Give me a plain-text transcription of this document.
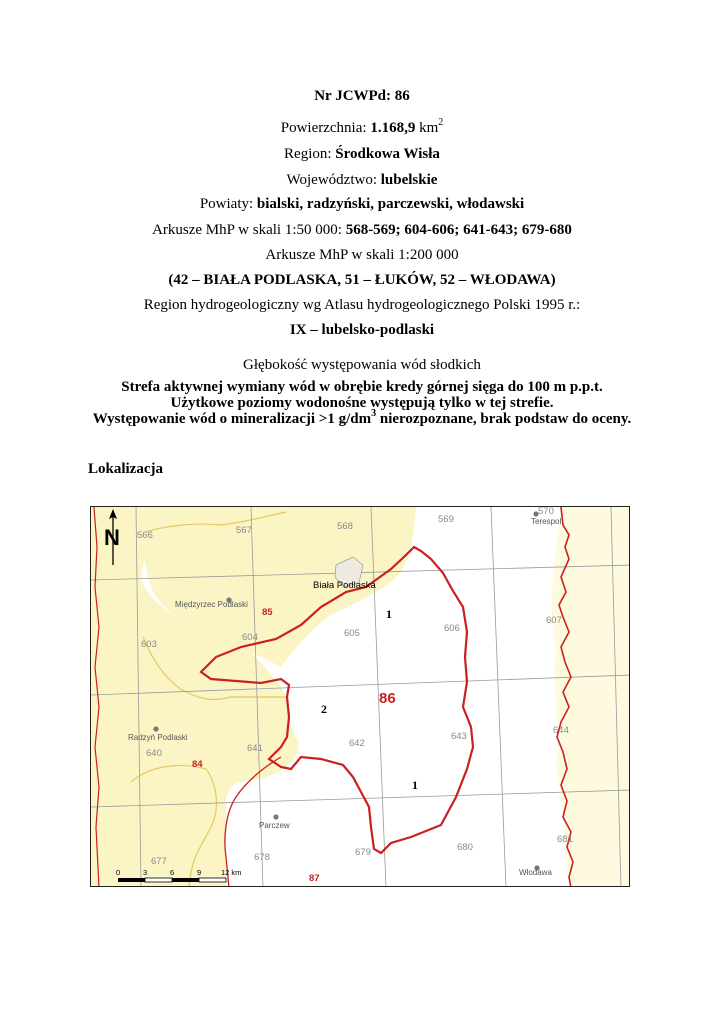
Nr JCWPd: 86
Powierzchnia: 1.168,9 $km^2$
Region: Środkowa Wisła
Województwo: lubelskie
Powiaty: bialski, radzyński, parczewski, włodawski
Arkusze MhP w skali 1:50 000: 568-569; 604-606; 641-643; 679-680
Arkusze MhP w skali 1:200 000
(42 – BIAŁA PODLASKA, 51 – ŁUKÓW, 52 – WŁODAWA)
Region hydrogeologiczny wg Atlasu hydrogeologicznego Polski 1995 r.:
IX – lubelsko-podlaski
Głębokość występowania wód słodkich
Strefa aktywnej wymiany wód w obrębie kredy górnej sięga do 100 m p.p.t.
Użytkowe poziomy wodonośne występują tylko w tej strefie.
Występowanie wód o mineralizacji >1 $g/dm^3$ nierozpoznane, brak podstaw do oceny.
Lokalizacja
566	567	568
569
570
603
604	605	606
607
640	641	642
643
644
677	678	679	680
681
Międzyrzec Podlaski
Radzyń Podlaski
Parczew
Włodawa
Terespol
Biała Podlaska
85
84
87
86
1
2
1
N
0	3	6	9	12 km
